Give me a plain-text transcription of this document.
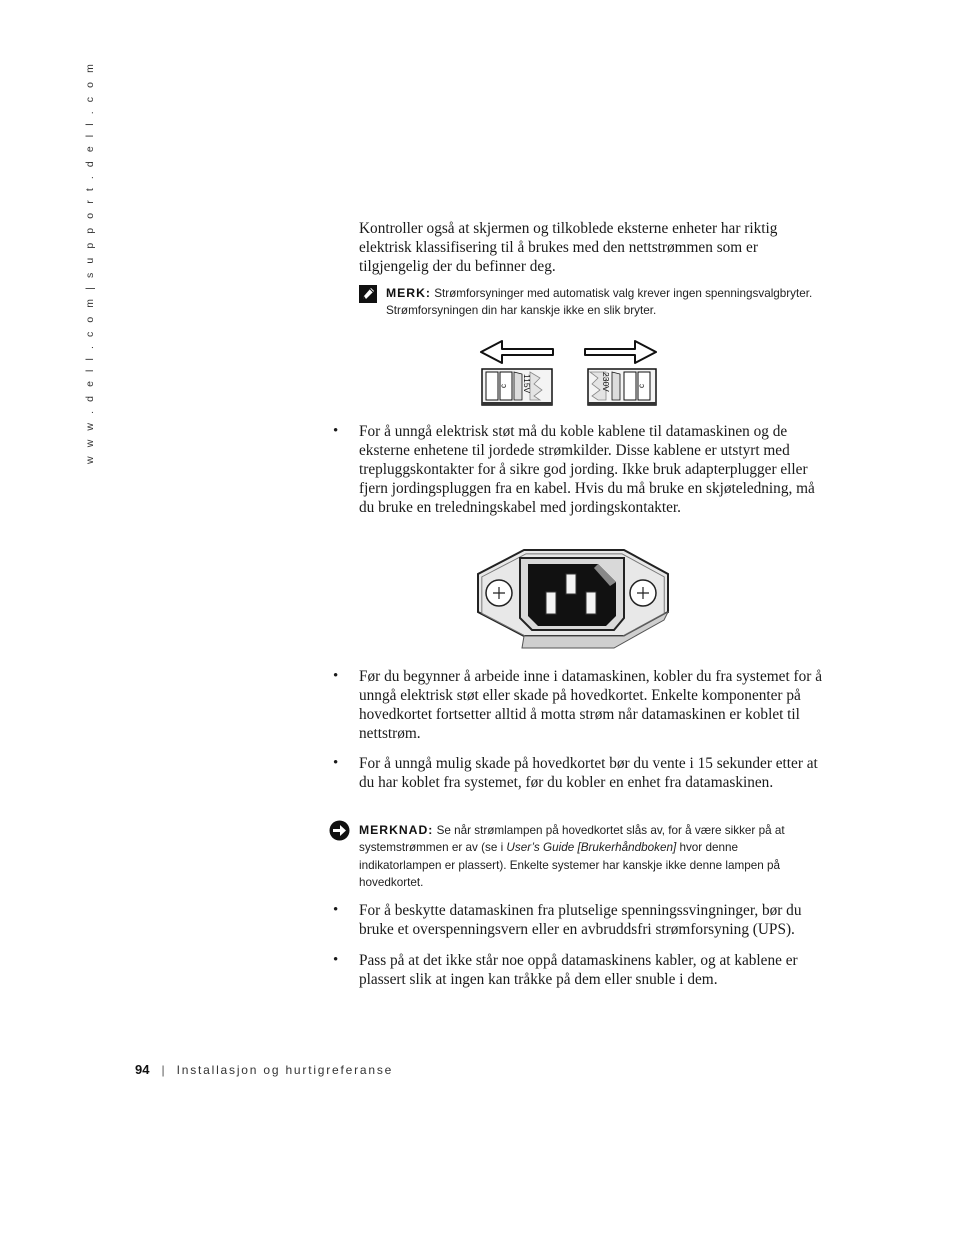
w w w . d e l l . c o m | s u p p o r t . d e l l . c o m	Kontroller også at skjermen og tilkoblede eksterne enheter har riktig elektrisk klassifisering til å brukes med den nettstrømmen som er tilgjengelig der du befinner deg.

MERK: Strømforsyninger med automatisk valg krever ingen spenningsvalgbryter. Strømforsyningen din har kanskje ikke en slik bryter.
c 115V	c
230V
• For å unngå elektrisk støt må du koble kablene til datamaskinen og de eksterne enhetene til jordede strømkilder. Disse kablene er utstyrt med trepluggskontakter for å sikre god jording. Ikke bruk adapterplugger eller fjern jordingspluggen fra en kabel. Hvis du må bruke en skjøteledning, må du bruke en treledningskabel med jordingskontakter.

• Før du begynner å arbeide inne i datamaskinen, kobler du fra systemet for å unngå elektrisk støt eller skade på hovedkortet. Enkelte komponenter på hovedkortet fortsetter alltid å motta strøm når datamaskinen er koblet til nettstrøm.

• For å unngå mulig skade på hovedkortet bør du vente i 15 sekunder etter at du har koblet fra systemet, før du kobler en enhet fra datamaskinen.

MERKNAD: Se når strømlampen på hovedkortet slås av, for å være sikker på at systemstrømmen er av (se i User’s Guide [Brukerhåndboken] hvor denne indikatorlampen er plassert). Enkelte systemer har kanskje ikke denne lampen på hovedkortet.
• For å beskytte datamaskinen fra plutselige spenningssvingninger, bør du bruke et overspenningsvern eller en avbruddsfri strømforsyning (UPS).

• Pass på at det ikke står noe oppå datamaskinens kabler, og at kablene er plassert slik at ingen kan tråkke på dem eller snuble i dem.

94 | Installasjon og hurtigreferanse
